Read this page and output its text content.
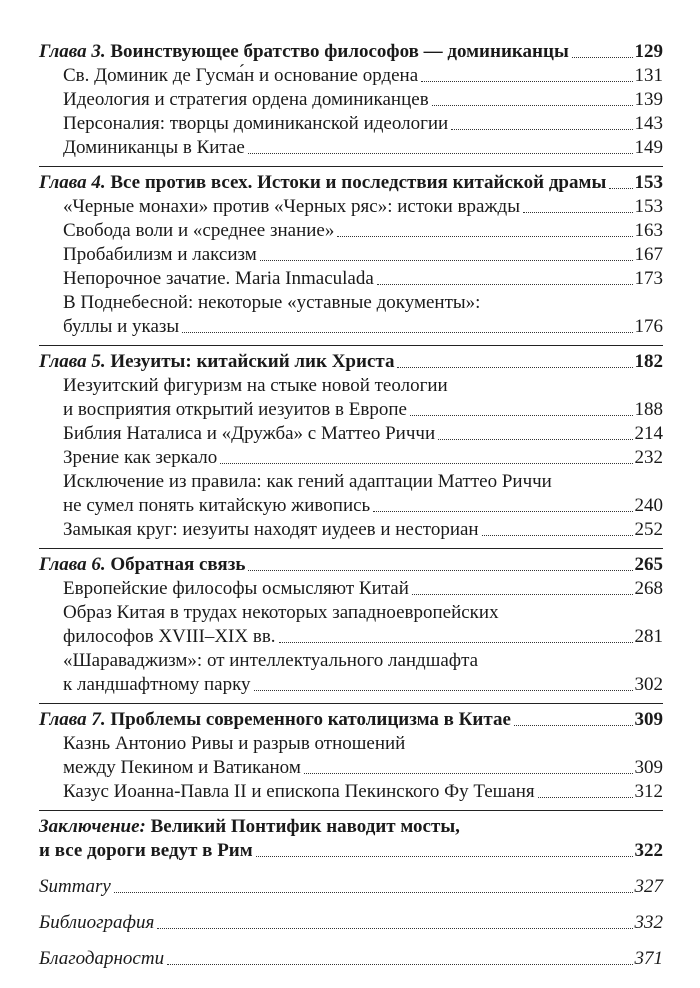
Глава 3. Воинствующее братство философов — доминиканцы	129
Св. Доминик де Гусма́н и основание ордена	131
Идеология и стратегия ордена доминиканцев	139
Персоналия: творцы доминиканской идеологии	143
Доминиканцы в Китае	149
Глава 4. Все против всех. Истоки и последствия китайской драмы 153
«Черные монахи» против «Черных ряс»: истоки вражды	153
Свобода воли и «среднее знание»	163
Пробабилизм и лаксизм	167
Непорочное зачатие. Maria Inmaculada	173
В Поднебесной: некоторые «уставные документы»:
буллы и указы	176
Глава 5. Иезуиты: китайский лик Христа	182
Иезуитский фигуризм на стыке новой теологии
и восприятия открытий иезуитов в Европе	188
Библия Наталиса и «Дружба» с Маттео Риччи	214
Зрение как зеркало	232
Исключение из правила: как гений адаптации Маттео Риччи
не сумел понять китайскую живопись	240
Замыкая круг: иезуиты находят иудеев и несториан	252
Глава 6. Обратная связь	265
Европейские философы осмысляют Китай	268
Образ Китая в трудах некоторых западноевропейских
философов XVIII–XIX вв.	281
«Шараваджизм»: от интеллектуального ландшафта
к ландшафтному парку	302
Глава 7. Проблемы современного католицизма в Китае	309
Казнь Антонио Ривы и разрыв отношений
между Пекином и Ватиканом	309
Казус Иоанна-Павла II и епископа Пекинского Фу Тешаня	312
Заключение: Великий Понтифик наводит мосты,
и все дороги ведут в Рим	322
Summary	327
Библиография	332
Благодарности	371
